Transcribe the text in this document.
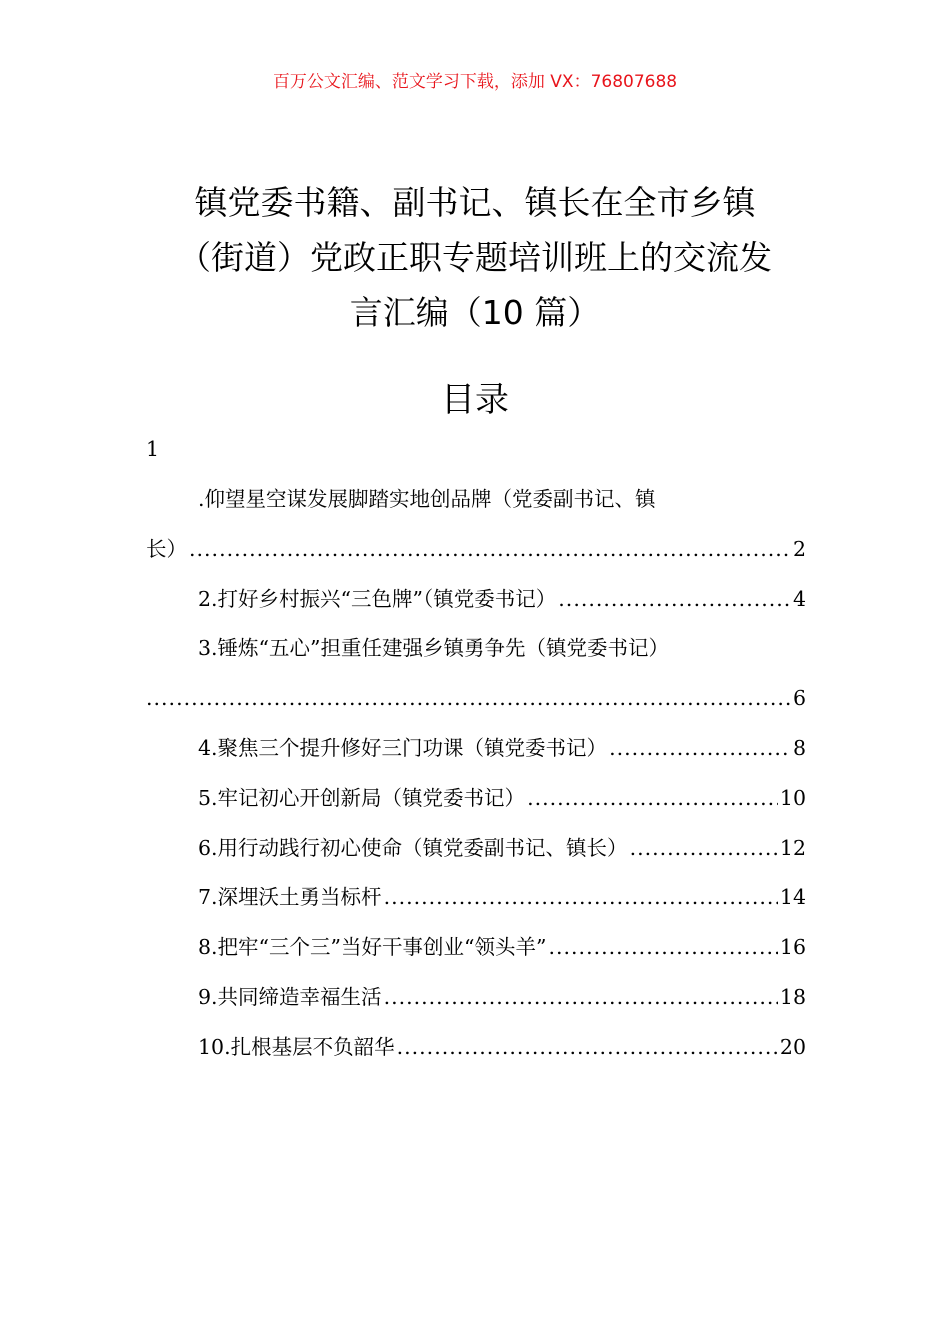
百万公文汇编、范文学习下载，添加 VX：76807688
镇党委书籍、副书记、镇长在全市乡镇
（街道）党政正职专题培训班上的交流发
言汇编（10 篇）
目录
1
.仰望星空谋发展脚踏实地创品牌（党委副书记、镇
长） .....	2
2.打好乡村振兴“三色牌”（镇党委书记） .....	4
3.锤炼“五心”担重任建强乡镇勇争先（镇党委书记）
.....
6
4.聚焦三个提升修好三门功课（镇党委书记） .....	8
5.牢记初心开创新局（镇党委书记） .....	10
6.用行动践行初心使命（镇党委副书记、镇长） .....	12
7.深埋沃土勇当标杆 .....	14
8.把牢“三个三”当好干事创业“领头羊” .....	16
9.共同缔造幸福生活 .....	18
10.扎根基层不负韶华 .....	20
